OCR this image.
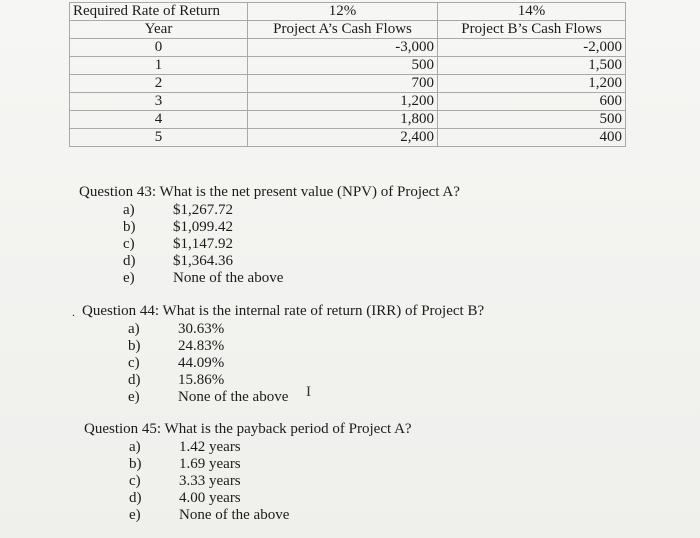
Required Rate of Return	12%	14%
Year	Project A’s Cash Flows	Project B’s Cash Flows
0	-3,000	-2,000
1	500	1,500
2	700	1,200
3	1,200	600
4	1,800	500
5	2,400	400
Question 43: What is the net present value (NPV) of Project A?
a)	$1,267.72
b)	$1,099.42
c)	$1,147.92
d)	$1,364.36
e)	None of the above
. Question 44: What is the internal rate of return (IRR) of Project B?
a)	30.63%
b)	24.83%
c)	44.09%
d)	15.86%
e)	None of the above I
Question 45: What is the payback period of Project A?
a)	1.42 years
b)	1.69 years
c)	3.33 years
d)	4.00 years
e)	None of the above
